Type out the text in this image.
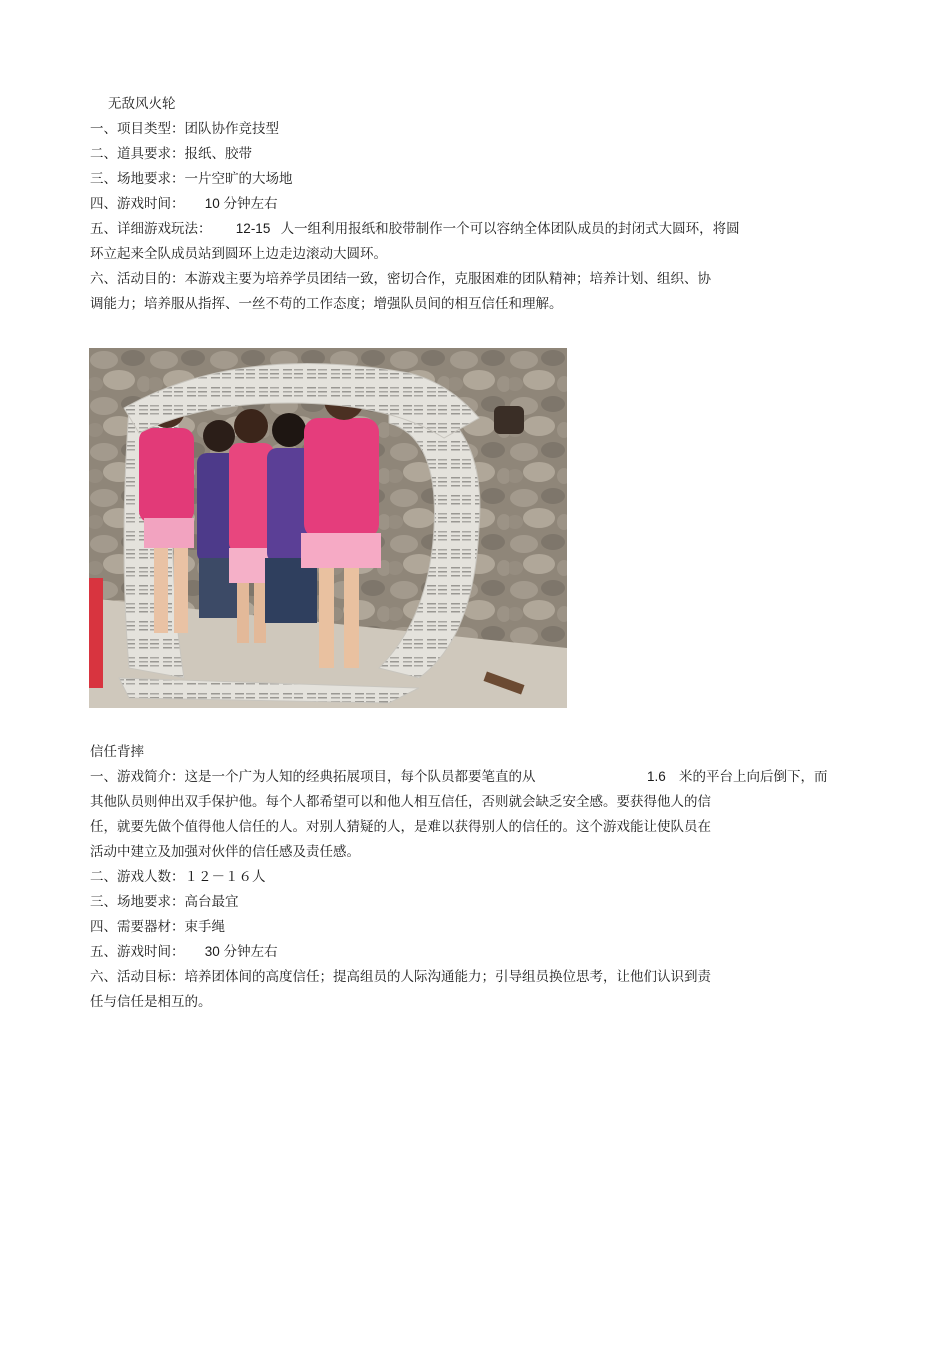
无敌风火轮
一、项目类型：团队协作竞技型
二、道具要求：报纸、胶带
三、场地要求：一片空旷的大场地
四、游戏时间： 10 分钟左右
五、详细游戏玩法： 12-15 人一组利用报纸和胶带制作一个可以容纳全体团队成员的封闭式大圆环，将圆
环立起来全队成员站到圆环上边走边滚动大圆环。
六、活动目的：本游戏主要为培养学员团结一致，密切合作，克服困难的团队精神；培养计划、组织、协
调能力；培养服从指挥、一丝不苟的工作态度；增强队员间的相互信任和理解。
信任背摔
一、游戏简介：这是一个广为人知的经典拓展项目，每个队员都要笔直的从	1.6 米的平台上向后倒下，而
其他队员则伸出双手保护他。每个人都希望可以和他人相互信任，否则就会缺乏安全感。要获得他人的信
任，就要先做个值得他人信任的人。对别人猜疑的人，是难以获得别人的信任的。这个游戏能让使队员在
活动中建立及加强对伙伴的信任感及责任感。
二、游戏人数：１２－１６人
三、场地要求：高台最宜
四、需要器材：束手绳
五、游戏时间： 30 分钟左右
六、活动目标：培养团体间的高度信任；提高组员的人际沟通能力；引导组员换位思考，让他们认识到责
任与信任是相互的。
